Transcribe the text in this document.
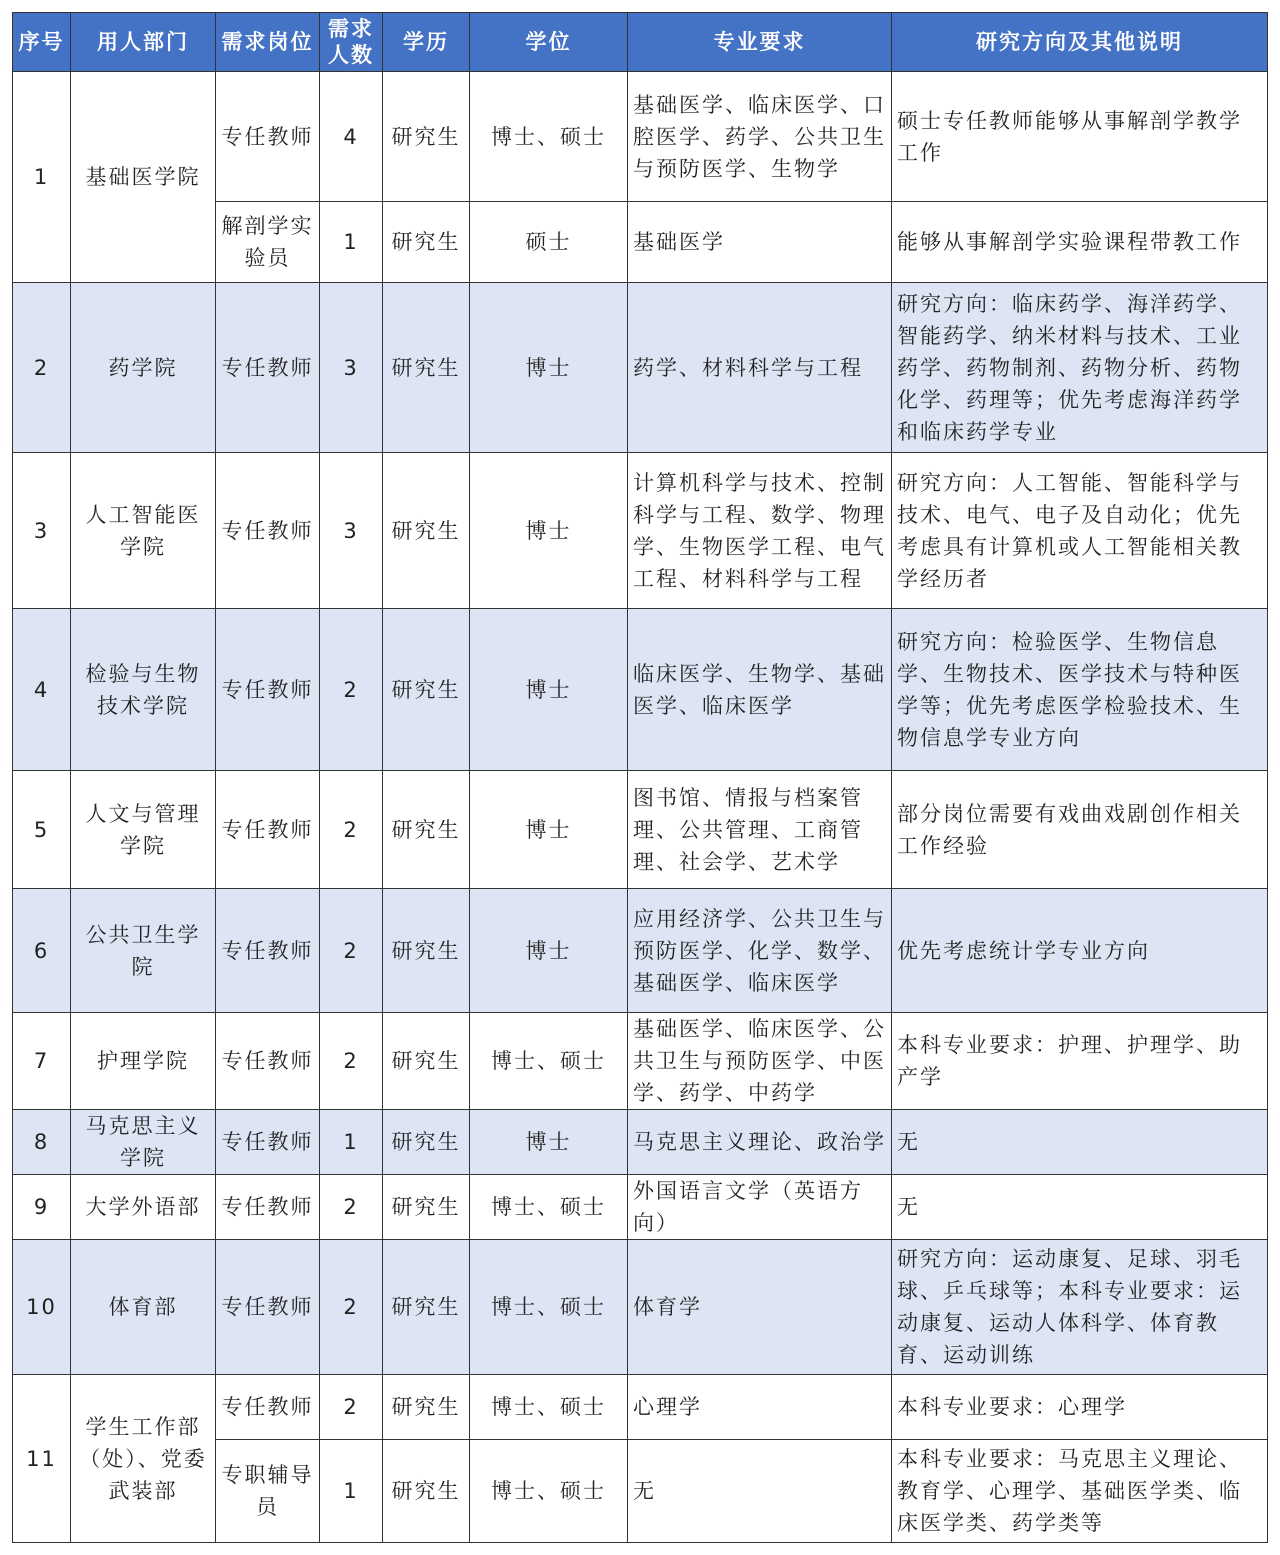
序号	用人部门	需求岗位	需求人数	学历	学位	专业要求	研究方向及其他说明
1	基础医学院	专任教师	4	研究生	博士、硕士	基础医学、临床医学、口腔医学、药学、公共卫生与预防医学、生物学	硕士专任教师能够从事解剖学教学工作
		解剖学实验员	1	研究生	硕士	基础医学	能够从事解剖学实验课程带教工作
2	药学院	专任教师	3	研究生	博士	药学、材料科学与工程	研究方向：临床药学、海洋药学、智能药学、纳米材料与技术、工业药学、药物制剂、药物分析、药物化学、药理等；优先考虑海洋药学和临床药学专业
3	人工智能医学院	专任教师	3	研究生	博士	计算机科学与技术、控制科学与工程、数学、物理学、生物医学工程、电气工程、材料科学与工程	研究方向：人工智能、智能科学与技术、电气、电子及自动化；优先考虑具有计算机或人工智能相关教学经历者
4	检验与生物技术学院	专任教师	2	研究生	博士	临床医学、生物学、基础医学、临床医学	研究方向：检验医学、生物信息学、生物技术、医学技术与特种医学等；优先考虑医学检验技术、生物信息学专业方向
5	人文与管理学院	专任教师	2	研究生	博士	图书馆、情报与档案管理、公共管理、工商管理、社会学、艺术学	部分岗位需要有戏曲戏剧创作相关工作经验
6	公共卫生学院	专任教师	2	研究生	博士	应用经济学、公共卫生与预防医学、化学、数学、基础医学、临床医学	优先考虑统计学专业方向
7	护理学院	专任教师	2	研究生	博士、硕士	基础医学、临床医学、公共卫生与预防医学、中医学、药学、中药学	本科专业要求：护理、护理学、助产学
8	马克思主义学院	专任教师	1	研究生	博士	马克思主义理论、政治学	无
9	大学外语部	专任教师	2	研究生	博士、硕士	外国语言文学（英语方向）	无
10	体育部	专任教师	2	研究生	博士、硕士	体育学	研究方向：运动康复、足球、羽毛球、乒乓球等；本科专业要求：运动康复、运动人体科学、体育教育、运动训练
11	学生工作部（处）、党委武装部	专任教师	2	研究生	博士、硕士	心理学	本科专业要求：心理学
		专职辅导员	1	研究生	博士、硕士	无	本科专业要求：马克思主义理论、教育学、心理学、基础医学类、临床医学类、药学类等
